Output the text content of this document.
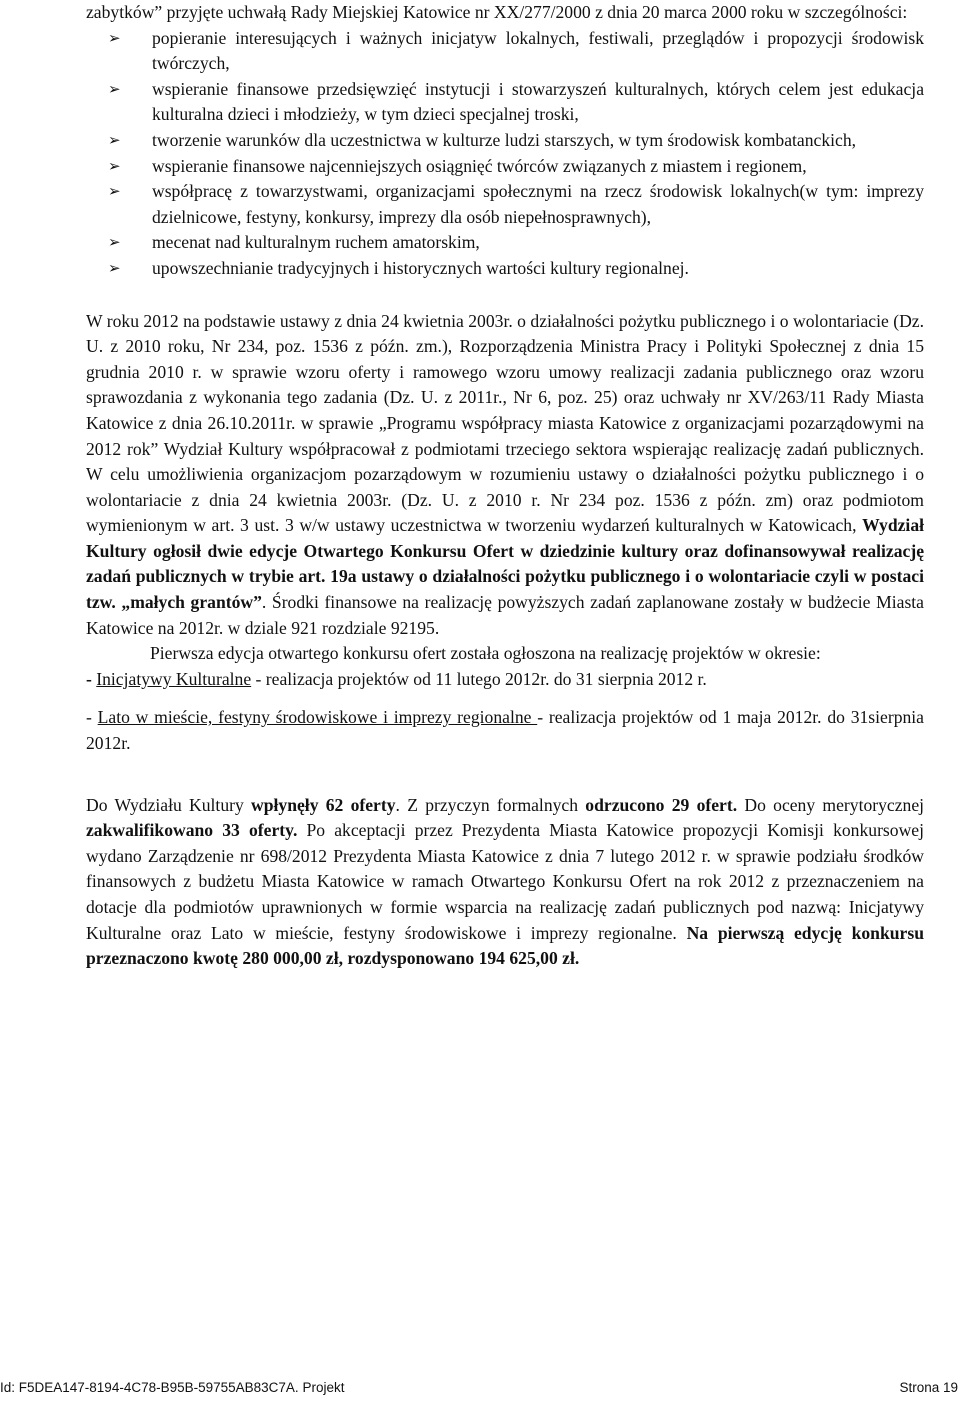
zabytków” przyjęte uchwałą Rady Miejskiej Katowice nr XX/277/2000 z dnia 20 marca 2000 roku w szczególności:

➢	popieranie interesujących i ważnych inicjatyw lokalnych, festiwali, przeglądów i propozycji środowisk twórczych,
➢	wspieranie finansowe przedsięwzięć instytucji i stowarzyszeń kulturalnych, których celem jest edukacja kulturalna dzieci i młodzieży, w tym dzieci specjalnej troski,
➢	tworzenie warunków dla uczestnictwa w kulturze ludzi starszych, w tym środowisk kombatanckich,
➢	wspieranie finansowe najcenniejszych osiągnięć twórców związanych z miastem i regionem,
➢	współpracę z towarzystwami, organizacjami społecznymi na rzecz środowisk lokalnych(w tym: imprezy dzielnicowe, festyny, konkursy, imprezy dla osób niepełnosprawnych),
➢	mecenat nad kulturalnym ruchem amatorskim,
➢	upowszechnianie tradycyjnych i historycznych wartości kultury regionalnej.

W roku 2012 na podstawie ustawy z dnia 24 kwietnia 2003r. o działalności pożytku publicznego i o wolontariacie (Dz. U. z 2010 roku, Nr 234, poz. 1536 z późn. zm.), Rozporządzenia Ministra Pracy i Polityki Społecznej z dnia 15 grudnia 2010 r. w sprawie wzoru oferty i ramowego wzoru umowy realizacji zadania publicznego oraz wzoru sprawozdania z wykonania tego zadania (Dz. U. z 2011r., Nr 6, poz. 25) oraz uchwały nr XV/263/11 Rady Miasta Katowice z dnia 26.10.2011r. w sprawie „Programu współpracy miasta Katowice z organizacjami pozarządowymi na 2012 rok” Wydział Kultury współpracował z podmiotami trzeciego sektora wspierając realizację zadań publicznych. W celu umożliwienia organizacjom pozarządowym w rozumieniu ustawy o działalności pożytku publicznego i o wolontariacie z dnia 24 kwietnia 2003r. (Dz. U. z 2010 r. Nr 234 poz. 1536 z późn. zm) oraz podmiotom wymienionym w art. 3 ust. 3 w/w ustawy uczestnictwa w tworzeniu wydarzeń kulturalnych w Katowicach, Wydział Kultury ogłosił dwie edycje Otwartego Konkursu Ofert w dziedzinie kultury oraz dofinansowywał realizację zadań publicznych w trybie art. 19a ustawy o działalności pożytku publicznego i o wolontariacie czyli w postaci tzw. „małych grantów”. Środki finansowe na realizację powyższych zadań zaplanowane zostały w budżecie Miasta Katowice na 2012r. w dziale 921 rozdziale 92195.

Pierwsza edycja otwartego konkursu ofert została ogłoszona na realizację projektów w okresie:

- Inicjatywy Kulturalne - realizacja projektów od 11 lutego 2012r. do 31 sierpnia 2012 r.

- Lato w mieście, festyny środowiskowe i imprezy regionalne - realizacja projektów od 1 maja 2012r. do 31sierpnia 2012r.

Do Wydziału Kultury wpłynęły 62 oferty. Z przyczyn formalnych odrzucono 29 ofert. Do oceny merytorycznej zakwalifikowano 33 oferty. Po akceptacji przez Prezydenta Miasta Katowice propozycji Komisji konkursowej wydano Zarządzenie nr 698/2012 Prezydenta Miasta Katowice z dnia 7 lutego 2012 r. w sprawie podziału środków finansowych z budżetu Miasta Katowice w ramach Otwartego Konkursu Ofert na rok 2012 z przeznaczeniem na dotacje dla podmiotów uprawnionych w formie wsparcia na realizację zadań publicznych pod nazwą: Inicjatywy Kulturalne oraz Lato w mieście, festyny środowiskowe i imprezy regionalne. Na pierwszą edycję konkursu przeznaczono kwotę 280 000,00 zł, rozdysponowano 194 625,00 zł.

Id: F5DEA147-8194-4C78-B95B-59755AB83C7A. Projekt	Strona 19
